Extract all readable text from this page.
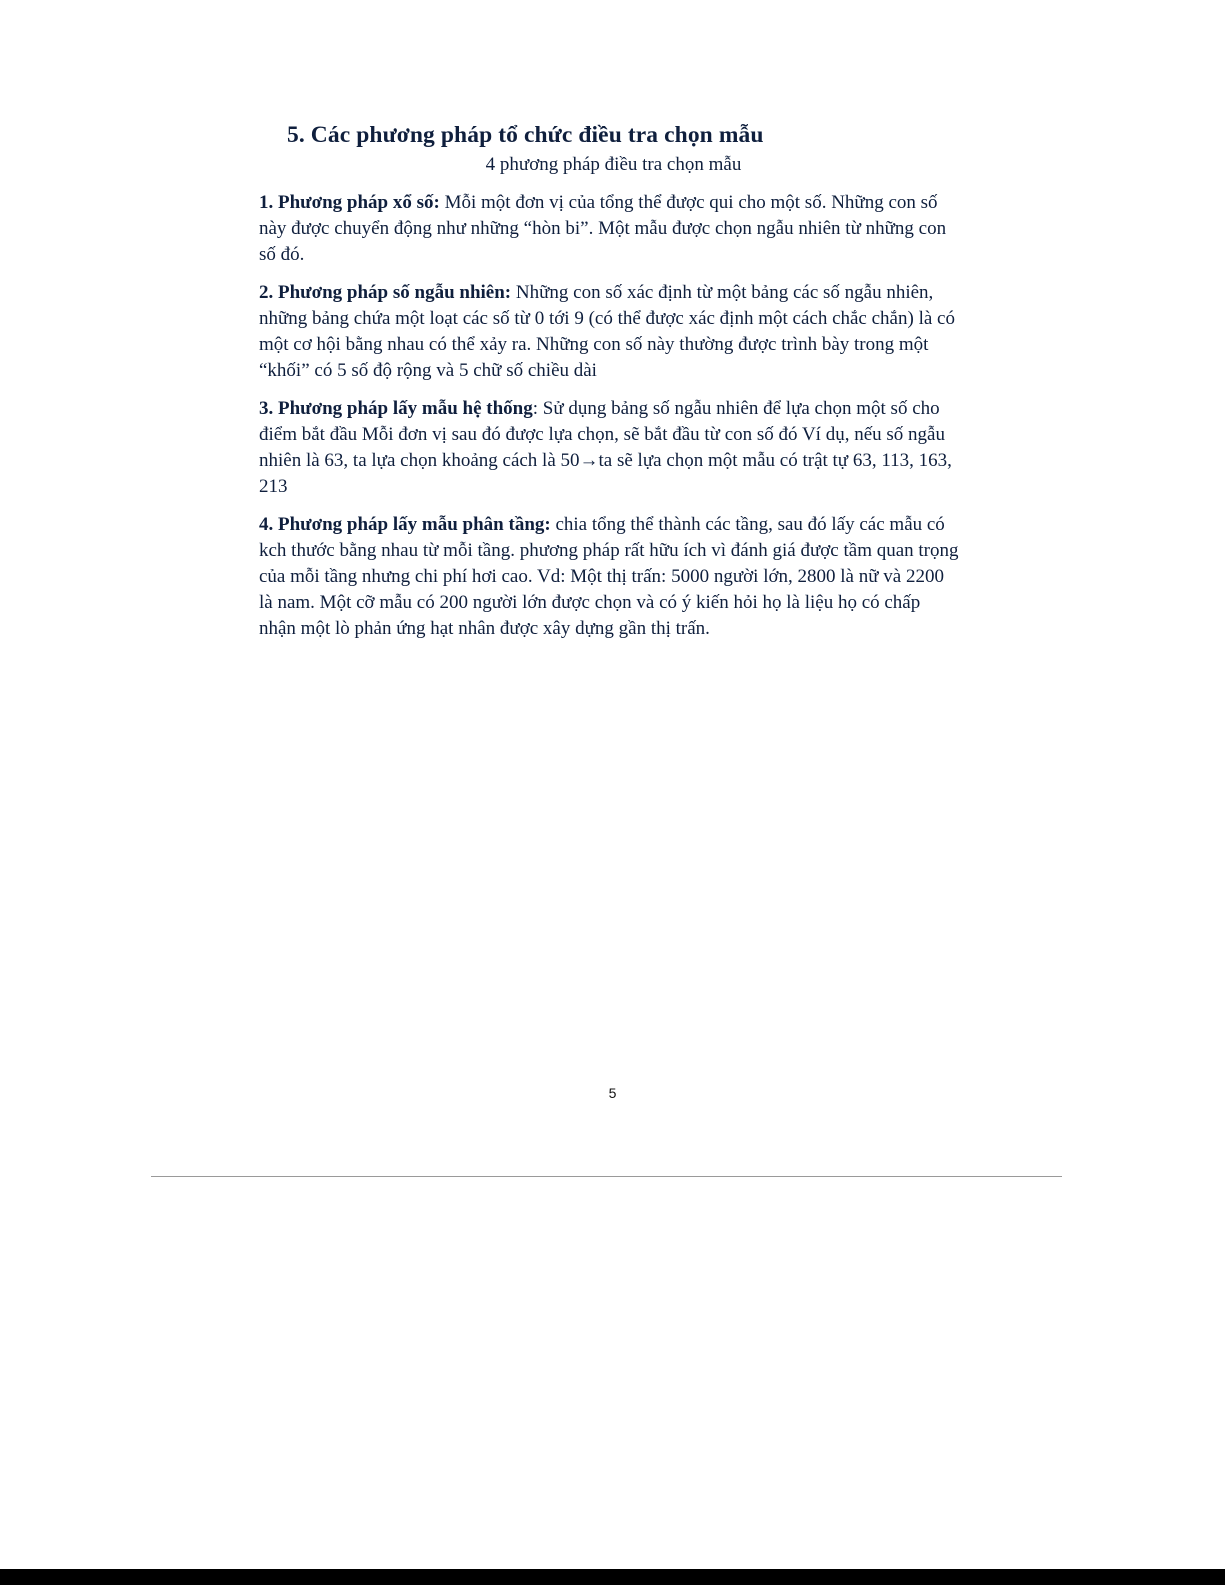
5. Các phương pháp tổ chức điều tra chọn mẫu
4 phương pháp điều tra chọn mẫu

1. Phương pháp xổ số: Mỗi một đơn vị của tổng thể được qui cho một số. Những con số này được chuyển động như những “hòn bi”. Một mẫu được chọn ngẫu nhiên từ những con số đó.

2. Phương pháp số ngẫu nhiên: Những con số xác định từ một bảng các số ngẫu nhiên, những bảng chứa một loạt các số từ 0 tới 9 (có thể được xác định một cách chắc chắn) là có một cơ hội bằng nhau có thể xảy ra. Những con số này thường được trình bày trong một “khối” có 5 số độ rộng và 5 chữ số chiều dài

3. Phương pháp lấy mẫu hệ thống: Sử dụng bảng số ngẫu nhiên để lựa chọn một số cho điểm bắt đầu Mỗi đơn vị sau đó được lựa chọn, sẽ bắt đầu từ con số đó Ví dụ, nếu số ngẫu nhiên là 63, ta lựa chọn khoảng cách là 50→ta sẽ lựa chọn một mẫu có trật tự 63, 113, 163, 213

4. Phương pháp lấy mẫu phân tầng: chia tổng thể thành các tầng, sau đó lấy các mẫu có kch thước bằng nhau từ mỗi tầng. phương pháp rất hữu ích vì đánh giá được tầm quan trọng của mỗi tầng nhưng chi phí hơi cao. Vd: Một thị trấn: 5000 người lớn, 2800 là nữ và 2200 là nam. Một cỡ mẫu có 200 người lớn được chọn và có ý kiến hỏi họ là liệu họ có chấp nhận một lò phản ứng hạt nhân được xây dựng gần thị trấn.

5
